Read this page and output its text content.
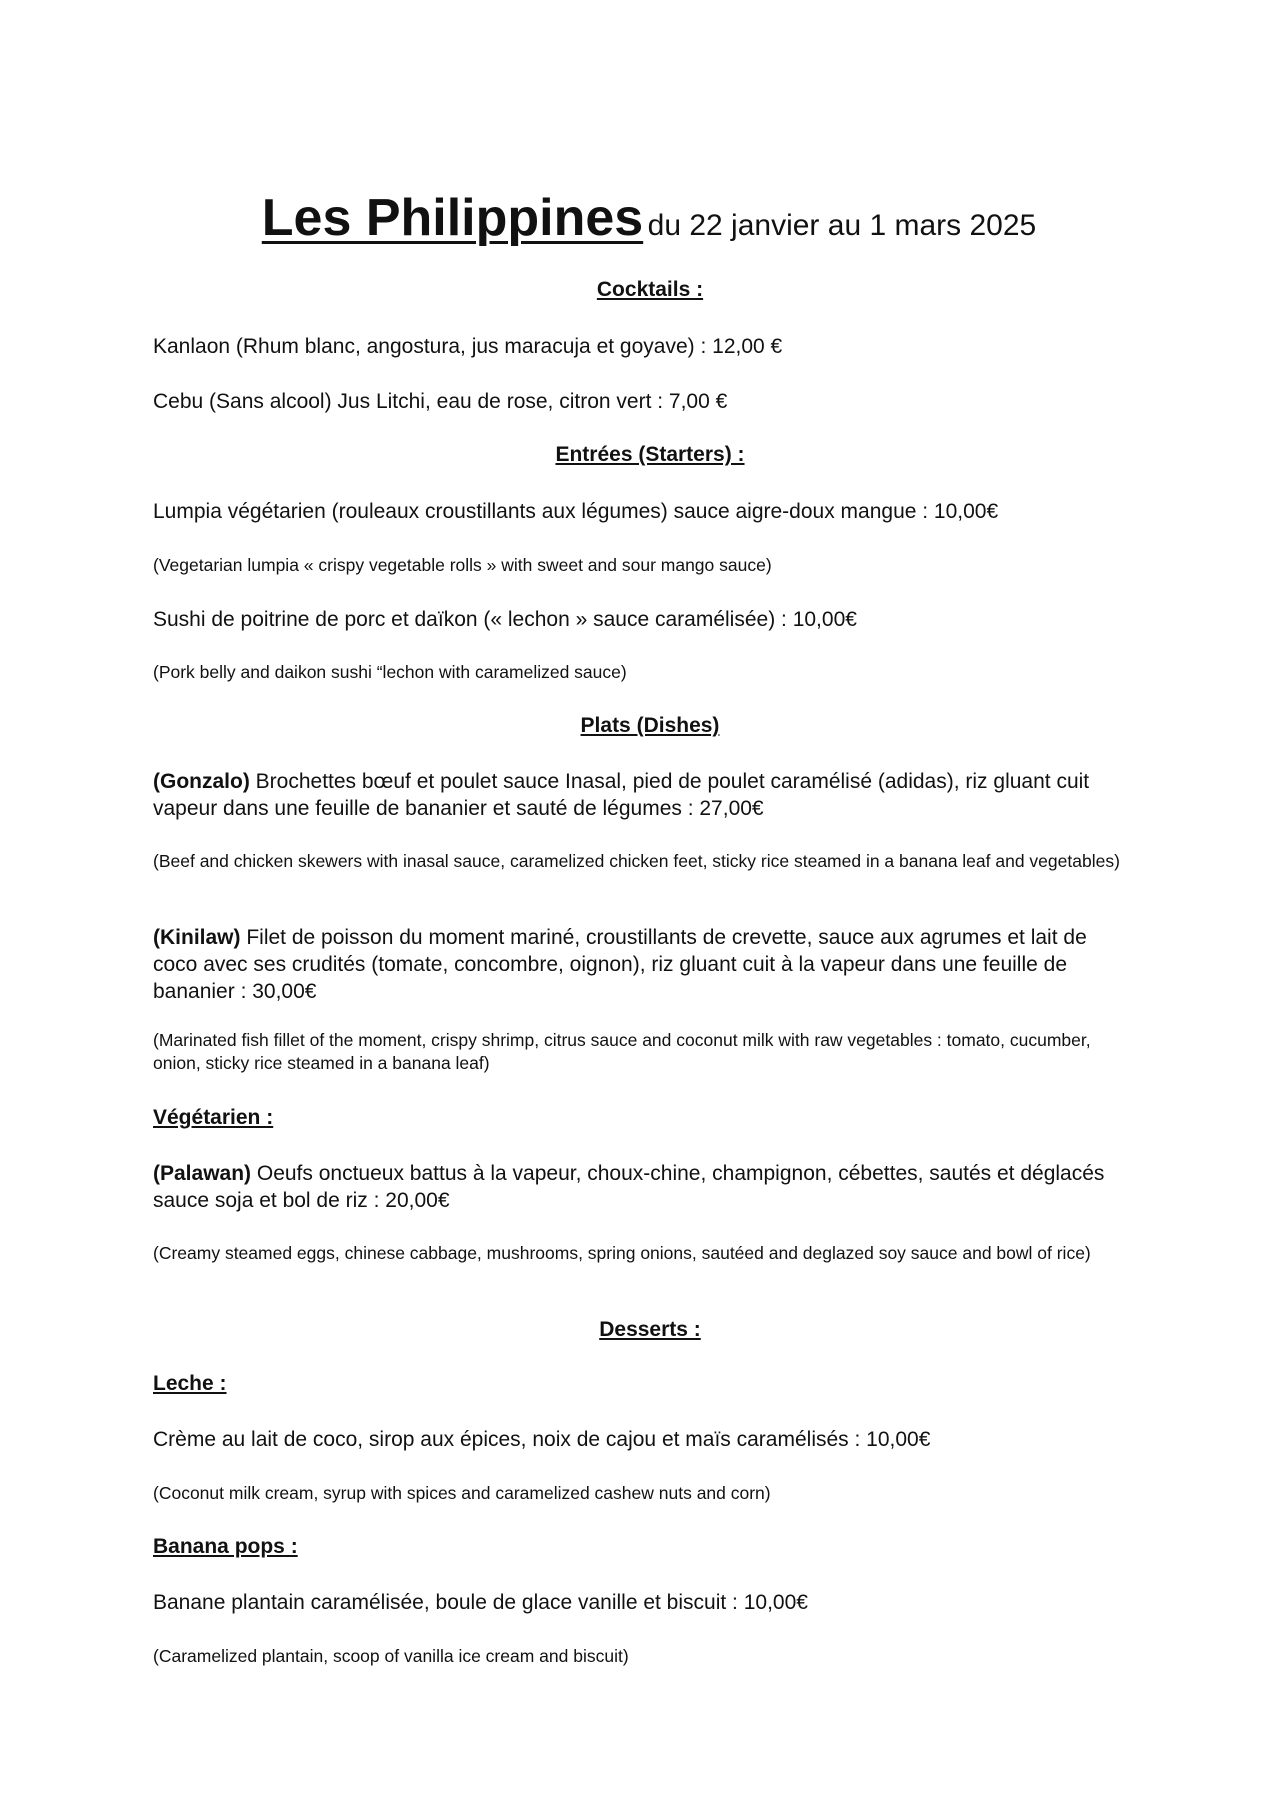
Les Philippines du 22 janvier au 1 mars 2025
Cocktails :
Kanlaon (Rhum blanc, angostura, jus maracuja et goyave) : 12,00 €
Cebu (Sans alcool) Jus Litchi, eau de rose, citron vert : 7,00 €
Entrées (Starters) :
Lumpia végétarien (rouleaux croustillants aux légumes) sauce aigre-doux mangue : 10,00€
(Vegetarian lumpia « crispy vegetable rolls » with sweet and sour mango sauce)
Sushi de poitrine de porc et daïkon (« lechon » sauce caramélisée) : 10,00€
(Pork belly and daikon sushi “lechon with caramelized sauce)
Plats (Dishes)
(Gonzalo) Brochettes bœuf et poulet sauce Inasal, pied de poulet caramélisé (adidas), riz gluant cuit vapeur dans une feuille de bananier et sauté de légumes : 27,00€
(Beef and chicken skewers with inasal sauce, caramelized chicken feet, sticky rice steamed in a banana leaf and vegetables)
(Kinilaw) Filet de poisson du moment mariné, croustillants de crevette, sauce aux agrumes et lait de coco avec ses crudités (tomate, concombre, oignon), riz gluant cuit à la vapeur dans une feuille de bananier : 30,00€
(Marinated fish fillet of the moment, crispy shrimp, citrus sauce and coconut milk with raw vegetables : tomato, cucumber, onion, sticky rice steamed in a banana leaf)
Végétarien :
(Palawan) Oeufs onctueux battus à la vapeur, choux-chine, champignon, cébettes, sautés et déglacés sauce soja et bol de riz : 20,00€
(Creamy steamed eggs, chinese cabbage, mushrooms, spring onions, sautéed and deglazed soy sauce and bowl of rice)
Desserts :
Leche :
Crème au lait de coco, sirop aux épices, noix de cajou et maïs caramélisés : 10,00€
(Coconut milk cream, syrup with spices and caramelized cashew nuts and corn)
Banana pops :
Banane plantain caramélisée, boule de glace vanille et biscuit : 10,00€
(Caramelized plantain, scoop of vanilla ice cream and biscuit)
